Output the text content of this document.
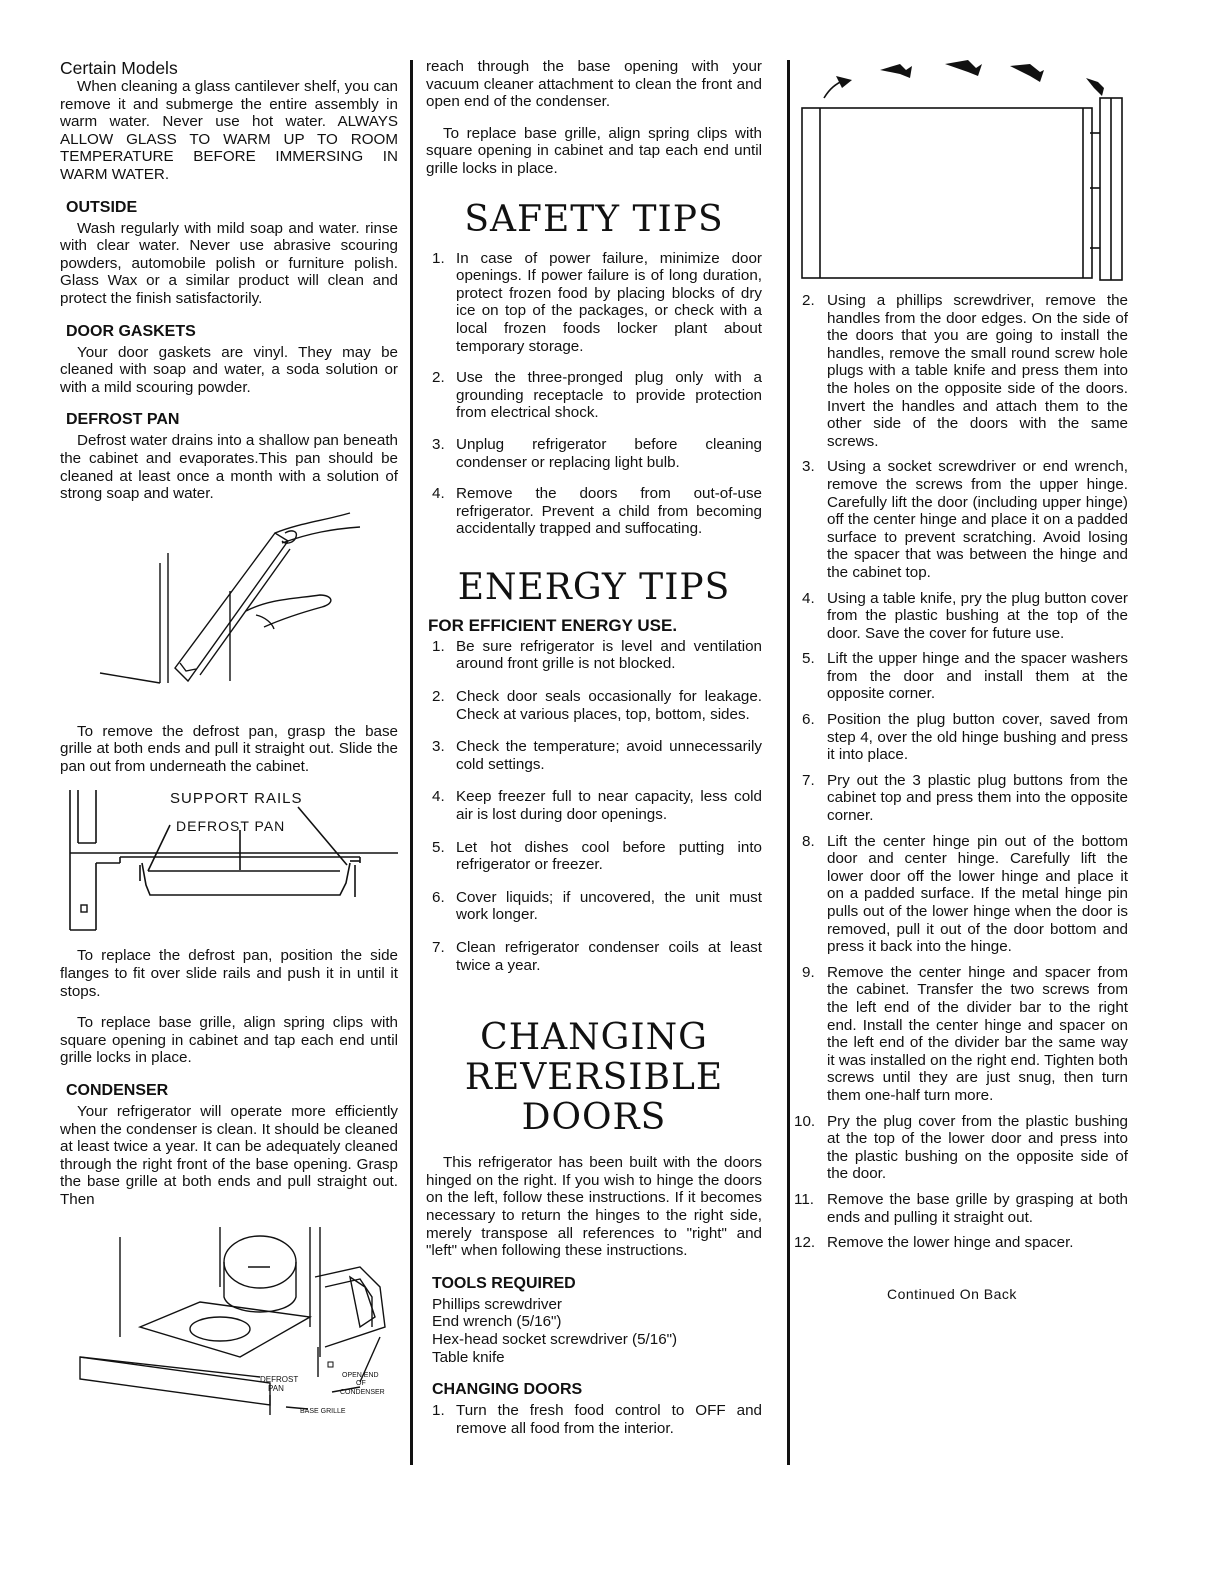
Certain Models

When cleaning a glass cantilever shelf, you can remove it and submerge the entire assembly in warm water. Never use hot water. ALWAYS ALLOW GLASS TO WARM UP TO ROOM TEMPERATURE BEFORE IMMERSING IN WARM WATER.

OUTSIDE

Wash regularly with mild soap and water. rinse with clear water. Never use abrasive scouring powders, automobile polish or furniture polish. Glass Wax or a similar product will clean and protect the finish satisfactorily.

DOOR GASKETS

Your door gaskets are vinyl. They may be cleaned with soap and water, a soda solution or with a mild scouring powder.

DEFROST PAN

Defrost water drains into a shallow pan beneath the cabinet and evaporates.This pan should be cleaned at least once a month with a solution of strong soap and water.

To remove the defrost pan, grasp the base grille at both ends and pull it straight out. Slide the pan out from underneath the cabinet.

SUPPORT RAILS
DEFROST PAN

To replace the defrost pan, position the side flanges to fit over slide rails and push it in until it stops.

To replace base grille, align spring clips with square opening in cabinet and tap each end until grille locks in place.

CONDENSER

Your refrigerator will operate more efficiently when the condenser is clean. It should be cleaned at least twice a year. It can be adequately cleaned through the right front of the base opening. Grasp the base grille at both ends and pull straight out. Then

DEFROST
PAN
OPEN END
OF
CONDENSER
BASE GRILLE

reach through the base opening with your vacuum cleaner attachment to clean the front and open end of the condenser.

To replace base grille, align spring clips with square opening in cabinet and tap each end until grille locks in place.

SAFETY TIPS
1. In case of power failure, minimize door openings. If power failure is of long duration, protect frozen food by placing blocks of dry ice on top of the packages, or check with a local frozen foods locker plant about temporary storage.
2. Use the three-pronged plug only with a grounding receptacle to provide protection from electrical shock.
3. Unplug refrigerator before cleaning condenser or replacing light bulb.
4. Remove the doors from out-of-use refrigerator. Prevent a child from becoming accidentally trapped and suffocating.
ENERGY TIPS
FOR EFFICIENT ENERGY USE.
1. Be sure refrigerator is level and ventilation around front grille is not blocked.
2. Check door seals occasionally for leakage. Check at various places, top, bottom, sides.
3. Check the temperature; avoid unnecessarily cold settings.
4. Keep freezer full to near capacity, less cold air is lost during door openings.
5. Let hot dishes cool before putting into refrigerator or freezer.
6. Cover liquids; if uncovered, the unit must work longer.
7. Clean refrigerator condenser coils at least twice a year.
CHANGING
REVERSIBLE
DOORS

This refrigerator has been built with the doors hinged on the right. If you wish to hinge the doors on the left, follow these instructions. If it becomes necessary to return the hinges to the right side, merely transpose all references to "right" and "left" when following these instructions.

TOOLS REQUIRED

Phillips screwdriver

End wrench (5/16")

Hex-head socket screwdriver (5/16")

Table knife

CHANGING DOORS
1. Turn the fresh food control to OFF and remove all food from the interior.
2. Using a phillips screwdriver, remove the handles from the door edges. On the side of the doors that you are going to install the handles, remove the small round screw hole plugs with a table knife and press them into the holes on the opposite side of the doors. Invert the handles and attach them to the other side of the doors with the same screws.
3. Using a socket screwdriver or end wrench, remove the screws from the upper hinge. Carefully lift the door (including upper hinge) off the center hinge and place it on a padded surface to prevent scratching. Avoid losing the spacer that was between the hinge and the cabinet top.
4. Using a table knife, pry the plug button cover from the plastic bushing at the top of the door. Save the cover for future use.
5. Lift the upper hinge and the spacer washers from the door and install them at the opposite corner.
6. Position the plug button cover, saved from step 4, over the old hinge bushing and press it into place.
7. Pry out the 3 plastic plug buttons from the cabinet top and press them into the opposite corner.
8. Lift the center hinge pin out of the bottom door and center hinge. Carefully lift the lower door off the lower hinge and place it on a padded surface. If the metal hinge pin pulls out of the lower hinge when the door is removed, pull it out of the door bottom and press it back into the hinge.
9. Remove the center hinge and spacer from the cabinet. Transfer the two screws from the left end of the divider bar to the right end. Install the center hinge and spacer on the left end of the divider bar the same way it was installed on the right end. Tighten both screws until they are just snug, then turn them one-half turn more.
10. Pry the plug cover from the plastic bushing at the top of the lower door and press into the plastic bushing on the opposite side of the door.
11. Remove the base grille by grasping at both ends and pulling it straight out.
12. Remove the lower hinge and spacer.

Continued On Back
